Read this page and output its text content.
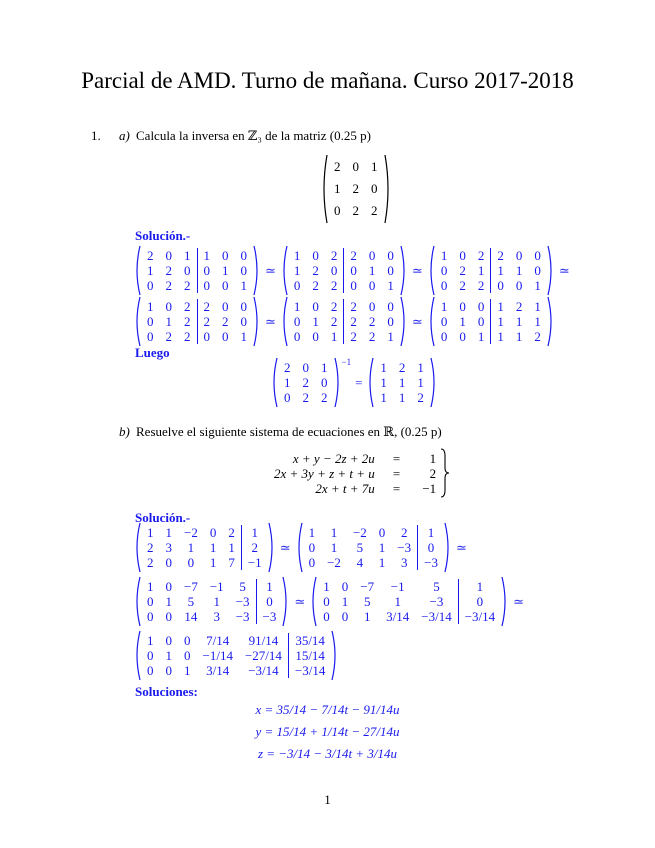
Parcial de AMD. Turno de mañana. Curso 2017-2018
1. a) Calcula la inversa en ℤ₃ de la matriz (0.25 p)
2	0	1
1	2	0
0	2	2
Solución.-
2	0	1	1	0	0
1	2	0	0	1	0
0	2	2	0	0	1
≃
1	0	2	2	0	0
1	2	0	0	1	0
0	2	2	0	0	1
≃
1	0	2	2	0	0
0	2	1	1	1	0
0	2	2	0	0	1
≃
1	0	2	2	0	0
0	1	2	2	2	0
0	2	2	0	0	1
≃
1	0	2	2	0	0
0	1	2	2	2	0
0	0	1	2	2	1
≃
1	0	0	1	2	1
0	1	0	1	1	1
0	0	1	1	1	2
Luego
2	0	1
1	2	0
0	2	2
$^{-1}$
=
1	2	1
1	1	1
1	1	2
b) Resuelve el siguiente sistema de ecuaciones en ℝ, (0.25 p)
x + y − 2z + 2u	=	1
2x + 3y + z + t + u	=	2
2x + t + 7u	=	−1
Solución.-
1	1	−2	0	2	1
2	3	1	1	1	2
2	0	0	1	7	−1
≃
1	1	−2	0	2	1
0	1	5	1	−3	0
0	−2	4	1	3	−3
≃
1	0	−7	−1	5	1
0	1	5	1	−3	0
0	0	14	3	−3	−3
≃
1	0	−7	−1	5	1
0	1	5	1	−3	0
0	0	1	3/14	−3/14	−3/14
≃
1	0	0	7/14	91/14	35/14
0	1	0	−1/14	−27/14	15/14
0	0	1	3/14	−3/14	−3/14
Soluciones:
x = 35/14 − 7/14t − 91/14u
y = 15/14 + 1/14t − 27/14u
z = −3/14 − 3/14t + 3/14u
1
